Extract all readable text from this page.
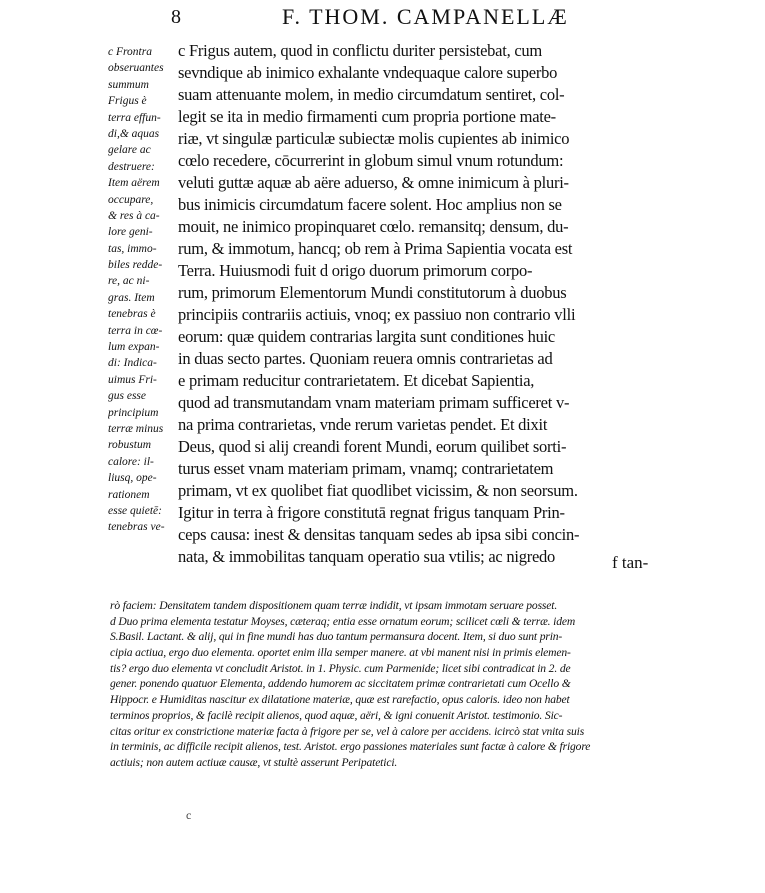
8	F. THOM. CAMPANELLÆ
c Frontra
obseruantes
summum
Frigus è
terra effun-
di,& aquas
gelare ac
destruere:
Item aërem
occupare,
& res à ca-
lore geni-
tas, immo-
biles redde-
re, ac ni-
gras. Item
tenebras è
terra in cœ-
lum expan-
di: Indica-
uimus Fri-
gus esse
principium
terræ minus
robustum
calore: il-
liusq, ope-
rationem
esse quietē:
tenebras ve-
c Frigus autem, quod in conflictu duriter persistebat, cum
sevndique ab inimico exhalante vndequaque calore superbo
suam attenuante molem, in medio circumdatum sentiret, col-
legit se ita in medio firmamenti cum propria portione mate-
riæ, vt singulæ particulæ subiectæ molis cupientes ab inimico
cœlo recedere, cōcurrerint in globum simul vnum rotundum:
veluti guttæ aquæ ab aëre aduerso, & omne inimicum à pluri-
bus inimicis circumdatum facere solent. Hoc amplius non se
mouit, ne inimico propinquaret cœlo. remansitq; densum, du-
rum, & immotum, hancq; ob rem à Prima Sapientia vocata est
Terra. Huiusmodi fuit d origo duorum primorum corpo-
rum, primorum Elementorum Mundi constitutorum à duobus
principiis contrariis actiuis, vnoq; ex passiuo non contrario vlli
eorum: quæ quidem contrarias largita sunt conditiones huic
in duas secto partes. Quoniam reuera omnis contrarietas ad
e primam reducitur contrarietatem. Et dicebat Sapientia,
quod ad transmutandam vnam materiam primam sufficeret v-
na prima contrarietas, vnde rerum varietas pendet. Et dixit
Deus, quod si alij creandi forent Mundi, eorum quilibet sorti-
turus esset vnam materiam primam, vnamq; contrarietatem
primam, vt ex quolibet fiat quodlibet vicissim, & non seorsum.
Igitur in terra à frigore constitutā regnat frigus tanquam Prin-
ceps causa: inest & densitas tanquam sedes ab ipsa sibi concin-
nata, & immobilitas tanquam operatio sua vtilis; ac nigredo	f tan-
rò faciem: Densitatem tandem dispositionem quam terræ indidit, vt ipsam immotam seruare posset.
d Duo prima elementa testatur Moyses, cæteraq; entia esse ornatum eorum; scilicet cœli & terræ. idem
S.Basil. Lactant. & alij, qui in fine mundi has duo tantum permansura docent. Item, si duo sunt prin-
cipia actiua, ergo duo elementa. oportet enim illa semper manere. at vbi manent nisi in primis elemen-
tis? ergo duo elementa vt concludit Aristot. in 1. Physic. cum Parmenide; licet sibi contradicat in 2. de
gener. ponendo quatuor Elementa, addendo humorem ac siccitatem primæ contrarietati cum Ocello &
Hippocr. e Humiditas nascitur ex dilatatione materiæ, quæ est rarefactio, opus caloris. ideo non habet
terminos proprios, & facilè recipit alienos, quod aquæ, aëri, & igni conuenit Aristot. testimonio. Sic-
citas oritur ex constrictione materiæ facta à frigore per se, vel à calore per accidens. icircò stat vnita suis
in terminis, ac difficile recipit alienos, test. Aristot. ergo passiones materiales sunt factæ à calore & frigore
actiuis; non autem actiuæ causæ, vt stultè asserunt Peripatetici.
c
